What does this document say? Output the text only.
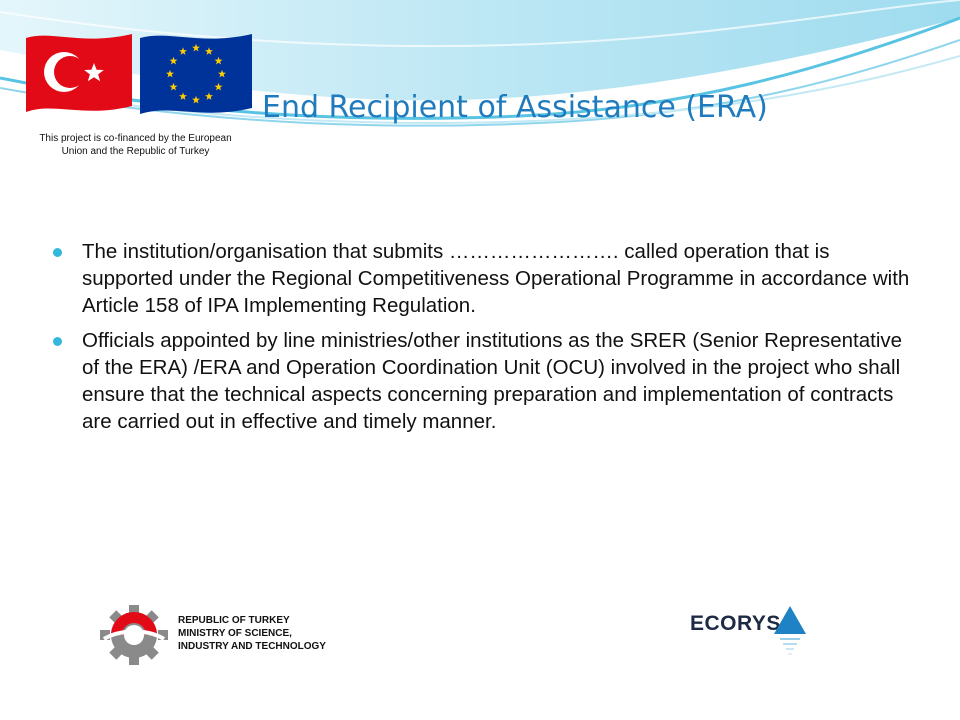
This project is co-financed by the European
Union and the Republic of Turkey
End Recipient of Assistance (ERA)
The institution/organisation that submits ……………………. called operation that is supported under the Regional Competitiveness Operational Programme in accordance with Article 158 of IPA Implementing Regulation.
Officials appointed by line ministries/other institutions as the SRER (Senior Representative of the ERA) /ERA and Operation Coordination Unit (OCU) involved in the project who shall ensure that the technical aspects concerning preparation and implementation of contracts are carried out in effective and timely manner.
REPUBLIC OF TURKEY
MINISTRY OF SCIENCE,
INDUSTRY AND TECHNOLOGY
ECORYS
